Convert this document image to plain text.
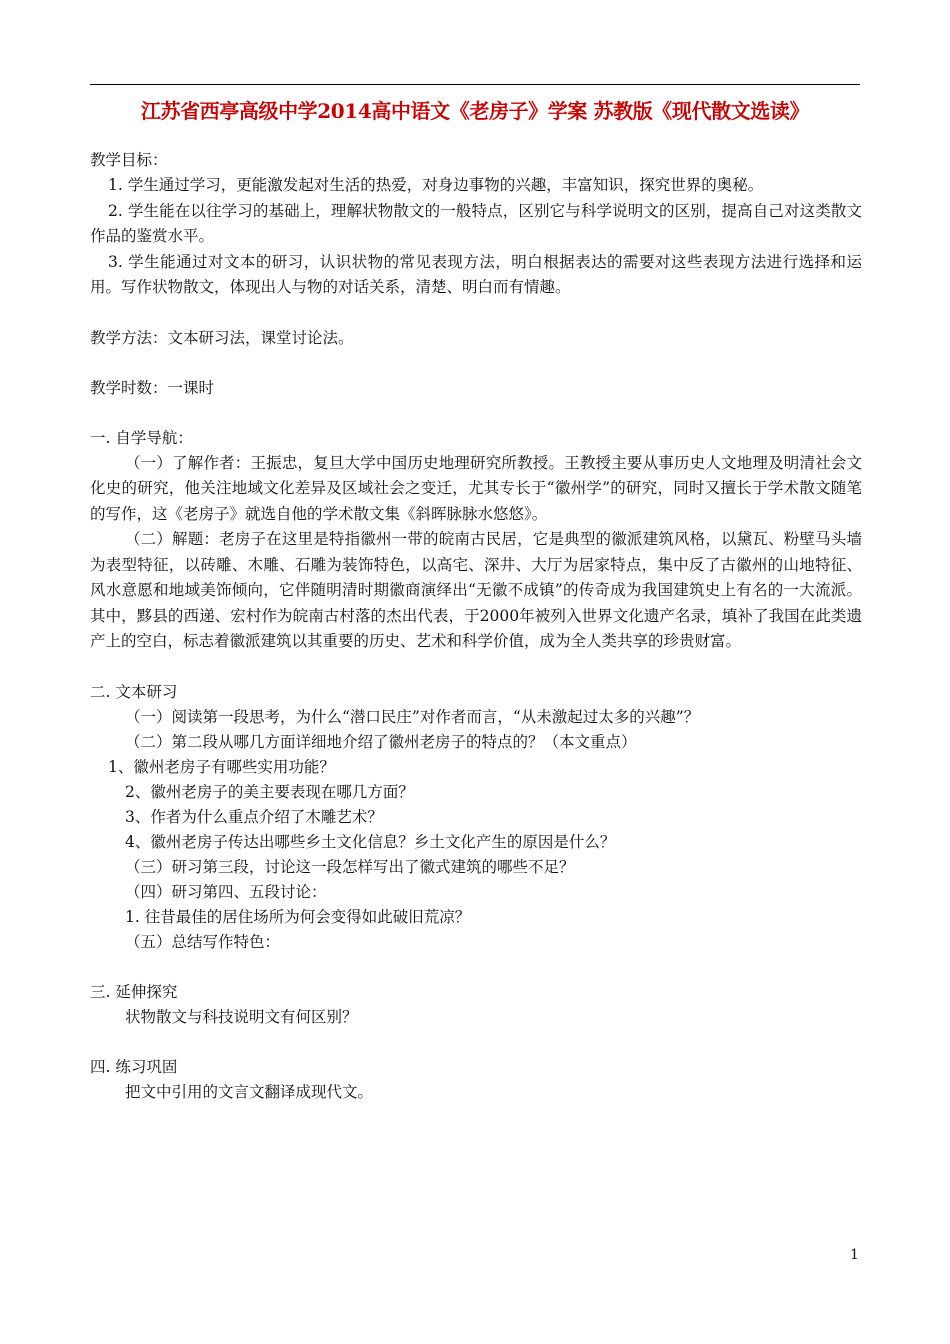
江苏省西亭高级中学2014高中语文《老房子》学案 苏教版《现代散文选读》

教学目标：

1. 学生通过学习，更能激发起对生活的热爱，对身边事物的兴趣，丰富知识，探究世界的奥秘。

2. 学生能在以往学习的基础上，理解状物散文的一般特点，区别它与科学说明文的区别，提高自己对这类散文作品的鉴赏水平。

3. 学生能通过对文本的研习，认识状物的常见表现方法，明白根据表达的需要对这些表现方法进行选择和运用。写作状物散文，体现出人与物的对话关系，清楚、明白而有情趣。

教学方法：文本研习法，课堂讨论法。

教学时数：一课时

一. 自学导航：

（一）了解作者：王振忠，复旦大学中国历史地理研究所教授。王教授主要从事历史人文地理及明清社会文化史的研究，他关注地域文化差异及区域社会之变迁，尤其专长于“徽州学”的研究，同时又擅长于学术散文随笔的写作，这《老房子》就选自他的学术散文集《斜晖脉脉水悠悠》。

（二）解题：老房子在这里是特指徽州一带的皖南古民居，它是典型的徽派建筑风格，以黛瓦、粉壁马头墙为表型特征，以砖雕、木雕、石雕为装饰特色，以高宅、深井、大厅为居家特点，集中反了古徽州的山地特征、风水意愿和地域美饰倾向，它伴随明清时期徽商演绎出“无徽不成镇”的传奇成为我国建筑史上有名的一大流派。其中，黟县的西递、宏村作为皖南古村落的杰出代表，于2000年被列入世界文化遗产名录，填补了我国在此类遗产上的空白，标志着徽派建筑以其重要的历史、艺术和科学价值，成为全人类共享的珍贵财富。

二. 文本研习

（一）阅读第一段思考，为什么“潜口民庄”对作者而言，“从未激起过太多的兴趣”？

（二）第二段从哪几方面详细地介绍了徽州老房子的特点的？（本文重点）

1、徽州老房子有哪些实用功能？

2、徽州老房子的美主要表现在哪几方面？

3、作者为什么重点介绍了木雕艺术？

4、徽州老房子传达出哪些乡土文化信息？乡土文化产生的原因是什么？

（三）研习第三段，讨论这一段怎样写出了徽式建筑的哪些不足？

（四）研习第四、五段讨论：

1. 往昔最佳的居住场所为何会变得如此破旧荒凉？

（五）总结写作特色：

三. 延伸探究

状物散文与科技说明文有何区别？

四. 练习巩固

把文中引用的文言文翻译成现代文。

1
